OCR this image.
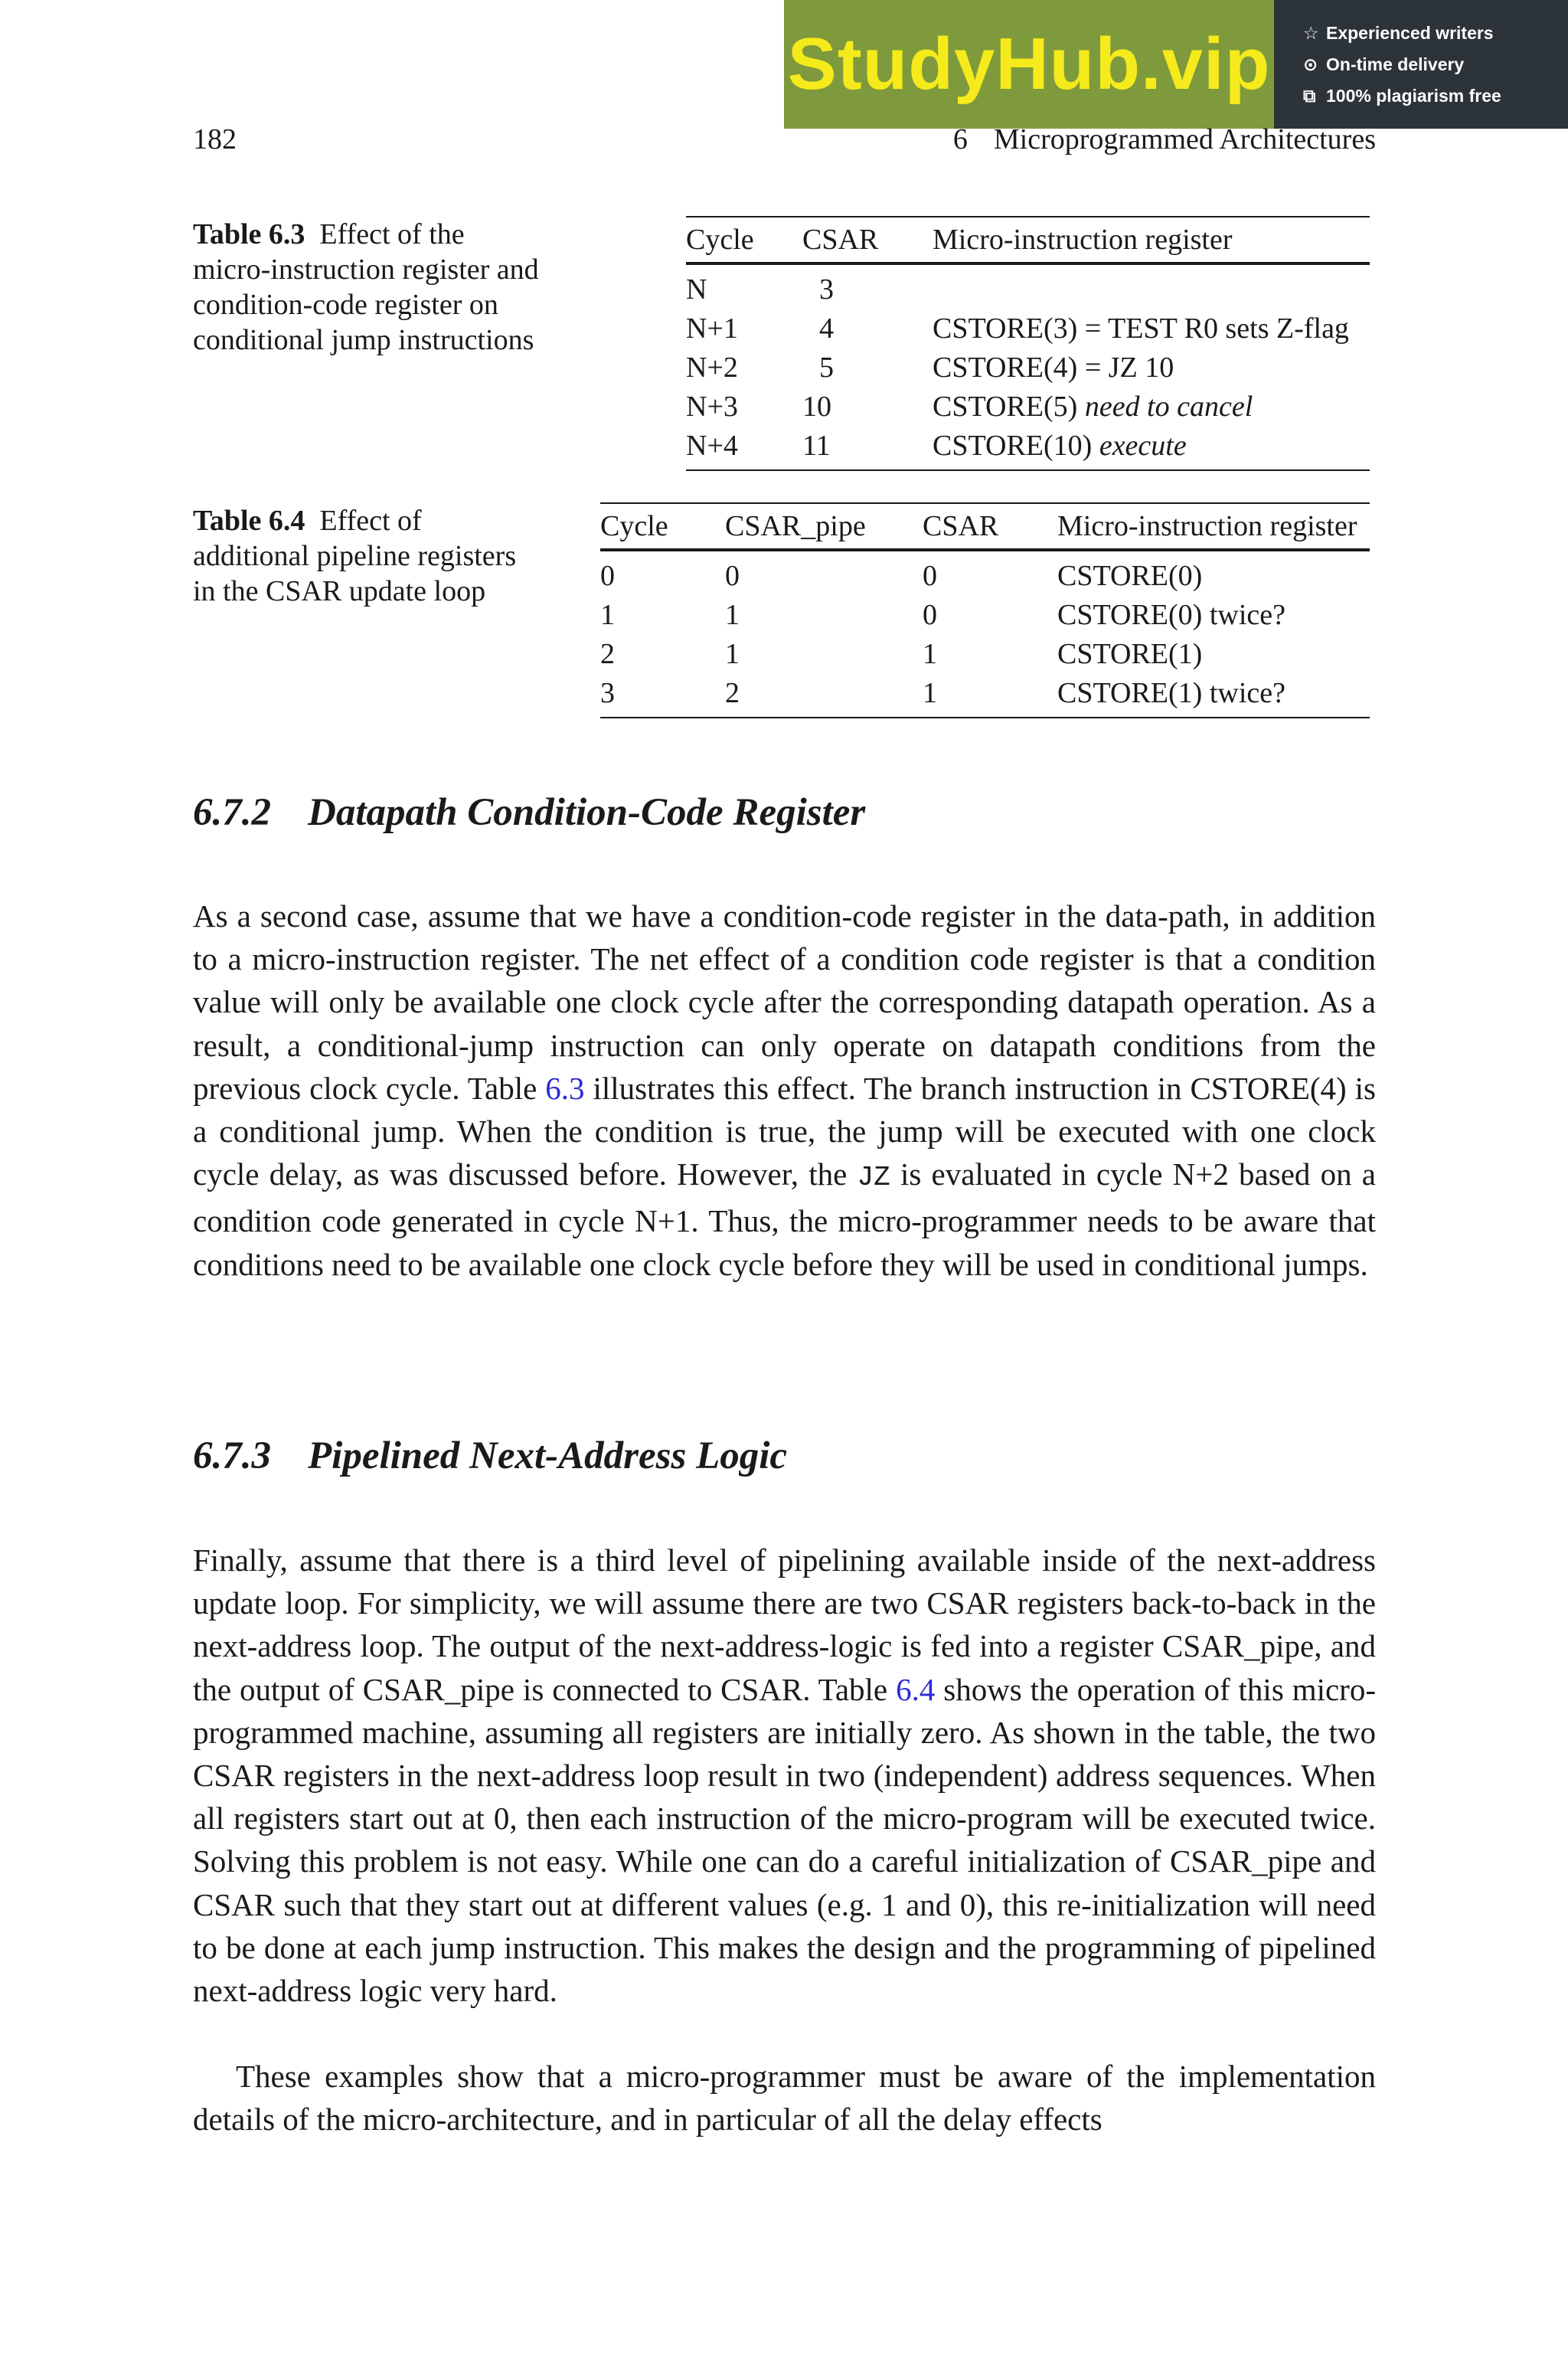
StudyHub.vip ☆ Experienced writers
⊙ On-time delivery
⧉ 100% plagiarism free
182	6 Microprogrammed Architectures
Table 6.3 Effect of the
micro-instruction register and
condition-code register on
conditional jump instructions
Cycle	CSAR	Micro-instruction register
N	3	
N+1	4	CSTORE(3) = TEST R0 sets Z-flag
N+2	5	CSTORE(4) = JZ 10
N+3	10	CSTORE(5) need to cancel
N+4	11	CSTORE(10) execute
Table 6.4 Effect of
additional pipeline registers
in the CSAR update loop
Cycle	CSAR_pipe	CSAR	Micro-instruction register
0	0	0	CSTORE(0)
1	1	0	CSTORE(0) twice?
2	1	1	CSTORE(1)
3	2	1	CSTORE(1) twice?
6.7.2 Datapath Condition-Code Register
As a second case, assume that we have a condition-code register in the data-path, in addition to a micro-instruction register. The net effect of a condition code register is that a condition value will only be available one clock cycle after the corresponding datapath operation. As a result, a conditional-jump instruction can only operate on datapath conditions from the previous clock cycle. Table 6.3 illustrates this effect. The branch instruction in CSTORE(4) is a conditional jump. When the condition is true, the jump will be executed with one clock cycle delay, as was discussed before. However, the JZ is evaluated in cycle N+2 based on a condition code generated in cycle N+1. Thus, the micro-programmer needs to be aware that conditions need to be available one clock cycle before they will be used in conditional jumps.
6.7.3 Pipelined Next-Address Logic
Finally, assume that there is a third level of pipelining available inside of the next-address update loop. For simplicity, we will assume there are two CSAR registers back-to-back in the next-address loop. The output of the next-address-logic is fed into a register CSAR_pipe, and the output of CSAR_pipe is connected to CSAR. Table 6.4 shows the operation of this micro-programmed machine, assuming all registers are initially zero. As shown in the table, the two CSAR registers in the next-address loop result in two (independent) address sequences. When all registers start out at 0, then each instruction of the micro-program will be executed twice. Solving this problem is not easy. While one can do a careful initialization of CSAR_pipe and CSAR such that they start out at different values (e.g. 1 and 0), this re-initialization will need to be done at each jump instruction. This makes the design and the programming of pipelined next-address logic very hard.
These examples show that a micro-programmer must be aware of the implementation details of the micro-architecture, and in particular of all the delay effects
